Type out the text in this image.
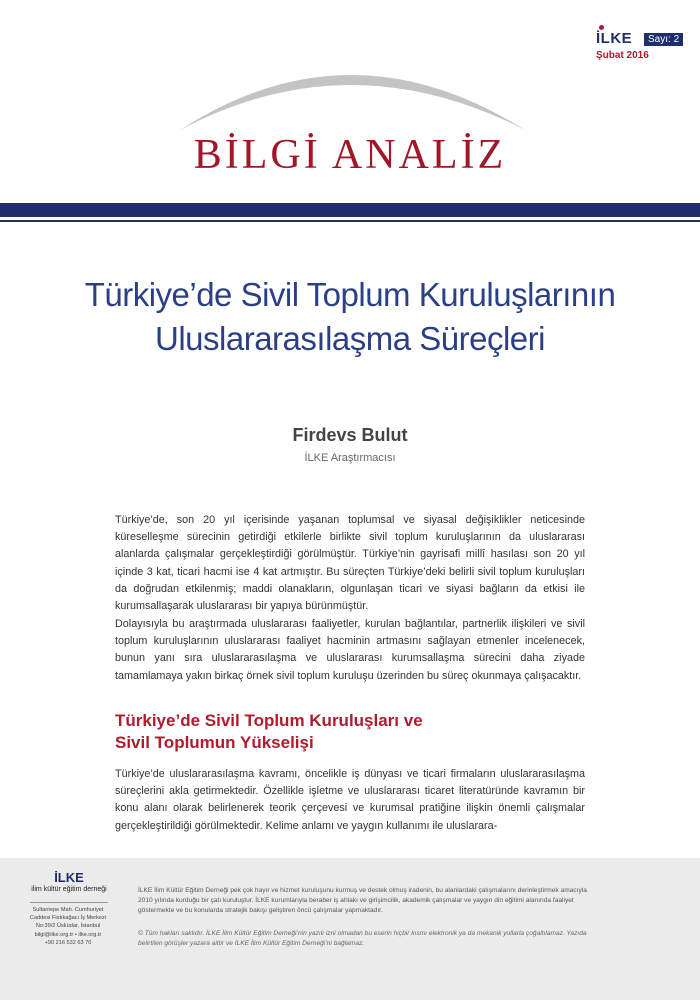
İLKE	Sayı: 2
Şubat 2016
BİLGİ ANALİZ
Türkiye’de Sivil Toplum Kuruluşlarının
Uluslararasılaşma Süreçleri
Firdevs Bulut
İLKE Araştırmacısı

Türkiye’de, son 20 yıl içerisinde yaşanan toplumsal ve siyasal değişiklikler neticesinde küreselleşme sürecinin getirdiği etkilerle birlikte sivil toplum kuruluşlarının da uluslararası alanlarda çalışmalar gerçekleştirdiği görülmüştür. Türkiye’nin gayrisafi millî hasılası son 20 yıl içinde 3 kat, ticari hacmi ise 4 kat artmıştır. Bu süreçten Türkiye’deki belirli sivil toplum kuruluşları da doğrudan etkilenmiş; maddi olanakların, olgunlaşan ticari ve siyasi bağların da etkisi ile kurumsallaşarak uluslararası bir yapıya bürünmüştür.

Dolayısıyla bu araştırmada uluslararası faaliyetler, kurulan bağlantılar, partnerlik ilişkileri ve sivil toplum kuruluşlarının uluslararası faaliyet hacminin artmasını sağlayan etmenler incelenecek, bunun yanı sıra uluslararasılaşma ve uluslararası kurumsallaşma sürecini daha ziyade tamamlamaya yakın birkaç örnek sivil toplum kuruluşu üzerinden bu süreç okunmaya çalışacaktır.

Türkiye’de Sivil Toplum Kuruluşları ve
Sivil Toplumun Yükselişi

Türkiye’de uluslararasılaşma kavramı, öncelikle iş dünyası ve ticari firmaların uluslararasılaşma süreçlerini akla getirmektedir. Özellikle işletme ve uluslararası ticaret literatüründe kavramın bir konu alanı olarak belirlenerek teorik çerçevesi ve kurumsal pratiğine ilişkin önemli çalışmalar gerçekleştirildiği görülmektedir. Kelime anlamı ve yaygın kullanımı ile uluslarara-

İLKE
ilim kültür eğitim derneği
Sultantepe Mah. Cumhuriyet
Caddesi Fistıkağacı İş Merkezi
No:39/2 Üsküdar, İstanbul
bilgi@ilke.org.tr • ilke.org.tr
+90 216 532 63 70

İLKE İlim Kültür Eğitim Derneği pek çok hayır ve hizmet kuruluşunu kurmuş ve destek olmuş iradenin, bu alanlardaki çalışmalarını derinleştirmek amacıyla 2010 yılında kurduğu bir çatı kuruluştur. İLKE kurumlarıyla beraber iş ahlakı ve girişimcilik, akademik çalışmalar ve yaygın din eğitimi alanında faaliyet göstermekte ve bu konularda stratejik bakışı geliştiren öncü çalışmalar yapmaktadır.

© Tüm hakları saklıdır. İLKE İlim Kültür Eğitim Derneği’nin yazılı izni olmadan bu eserin hiçbir kısmı elektronik ya da mekanik yollarla çoğaltılamaz. Yazıda belirtilen görüşler yazara aittir ve İLKE İlim Kültür Eğitim Derneği’ni bağlamaz.
